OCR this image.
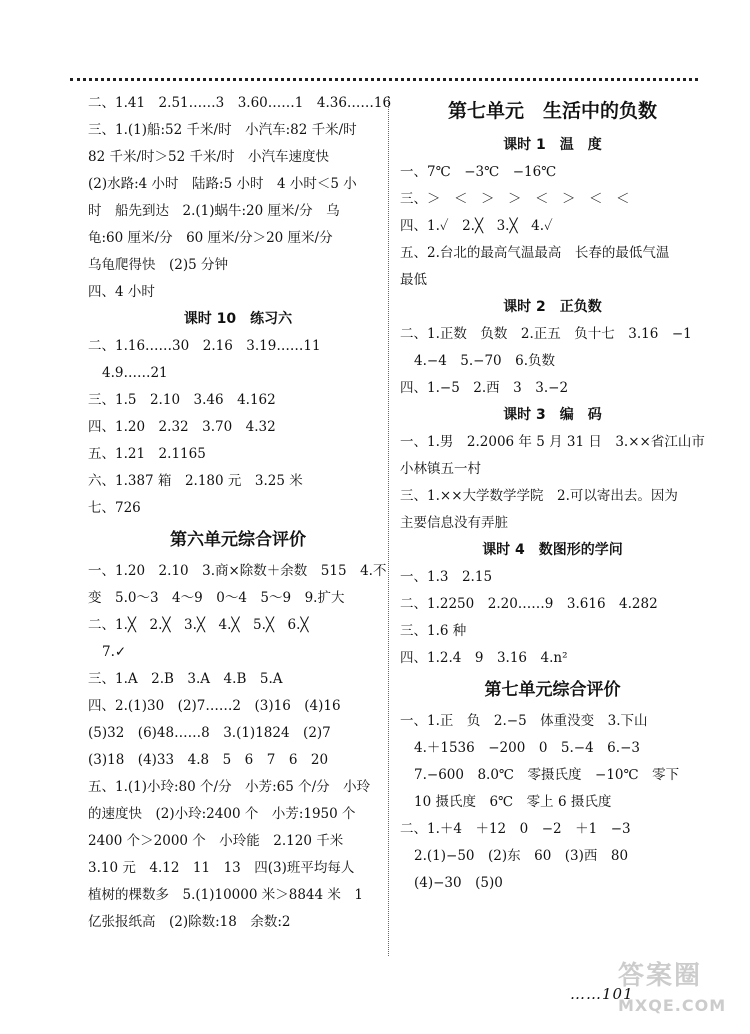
二、1.41　2.51……3　3.60……1　4.36……16
三、1.(1)船:52 千米/时　小汽车:82 千米/时
82 千米/时＞52 千米/时　小汽车速度快
(2)水路:4 小时　陆路:5 小时　4 小时＜5 小
时　船先到达　2.(1)蜗牛:20 厘米/分　乌
龟:60 厘米/分　60 厘米/分＞20 厘米/分
乌龟爬得快　(2)5 分钟
四、4 小时
课时 10　练习六
二、1.16……30　2.16　3.19……11
4.9……21
三、1.5　2.10　3.46　4.162
四、1.20　2.32　3.70　4.32
五、1.21　2.1165
六、1.387 箱　2.180 元　3.25 米
七、726
第六单元综合评价
一、1.20　2.10　3.商×除数＋余数　515　4.不
变　5.0～3　4～9　0～4　5～9　9.扩大
二、1.╳　2.╳　3.╳　4.╳　5.╳　6.╳
7.✓
三、1.A　2.B　3.A　4.B　5.A
四、2.(1)30　(2)7……2　(3)16　(4)16
(5)32　(6)48……8　3.(1)1824　(2)7
(3)18　(4)33　4.8　5　6　7　6　20
五、1.(1)小玲:80 个/分　小芳:65 个/分　小玲
的速度快　(2)小玲:2400 个　小芳:1950 个
2400 个＞2000 个　小玲能　2.120 千米
3.10 元　4.12　11　13　四(3)班平均每人
植树的棵数多　5.(1)10000 米＞8844 米　1
亿张报纸高　(2)除数:18　余数:2
第七单元　生活中的负数
课时 1　温　度
一、7℃　−3℃　−16℃
三、＞　＜　＞　＞　＜　＞　＜　＜
四、1.✓　2.╳　3.╳　4.✓
五、2.台北的最高气温最高　长春的最低气温
最低
课时 2　正负数
二、1.正数　负数　2.正五　负十七　3.16　−1
4.−4　5.−70　6.负数
四、1.−5　2.西　3　3.−2
课时 3　编　码
一、1.男　2.2006 年 5 月 31 日　3.××省江山市
小林镇五一村
三、1.××大学数学学院　2.可以寄出去。因为
主要信息没有弄脏
课时 4　数图形的学问
一、1.3　2.15
二、1.2250　2.20……9　3.616　4.282
三、1.6 种
四、1.2.4　9　3.16　4.n²
第七单元综合评价
一、1.正　负　2.−5　体重没变　3.下山
4.＋1536　−200　0　5.−4　6.−3
7.−600　8.0℃　零摄氏度　−10℃　零下
10 摄氏度　6℃　零上 6 摄氏度
二、1.＋4　＋12　0　−2　＋1　−3
2.(1)−50　(2)东　60　(3)西　80
(4)−30　(5)0
……101
答案圈
MXQE.COM
